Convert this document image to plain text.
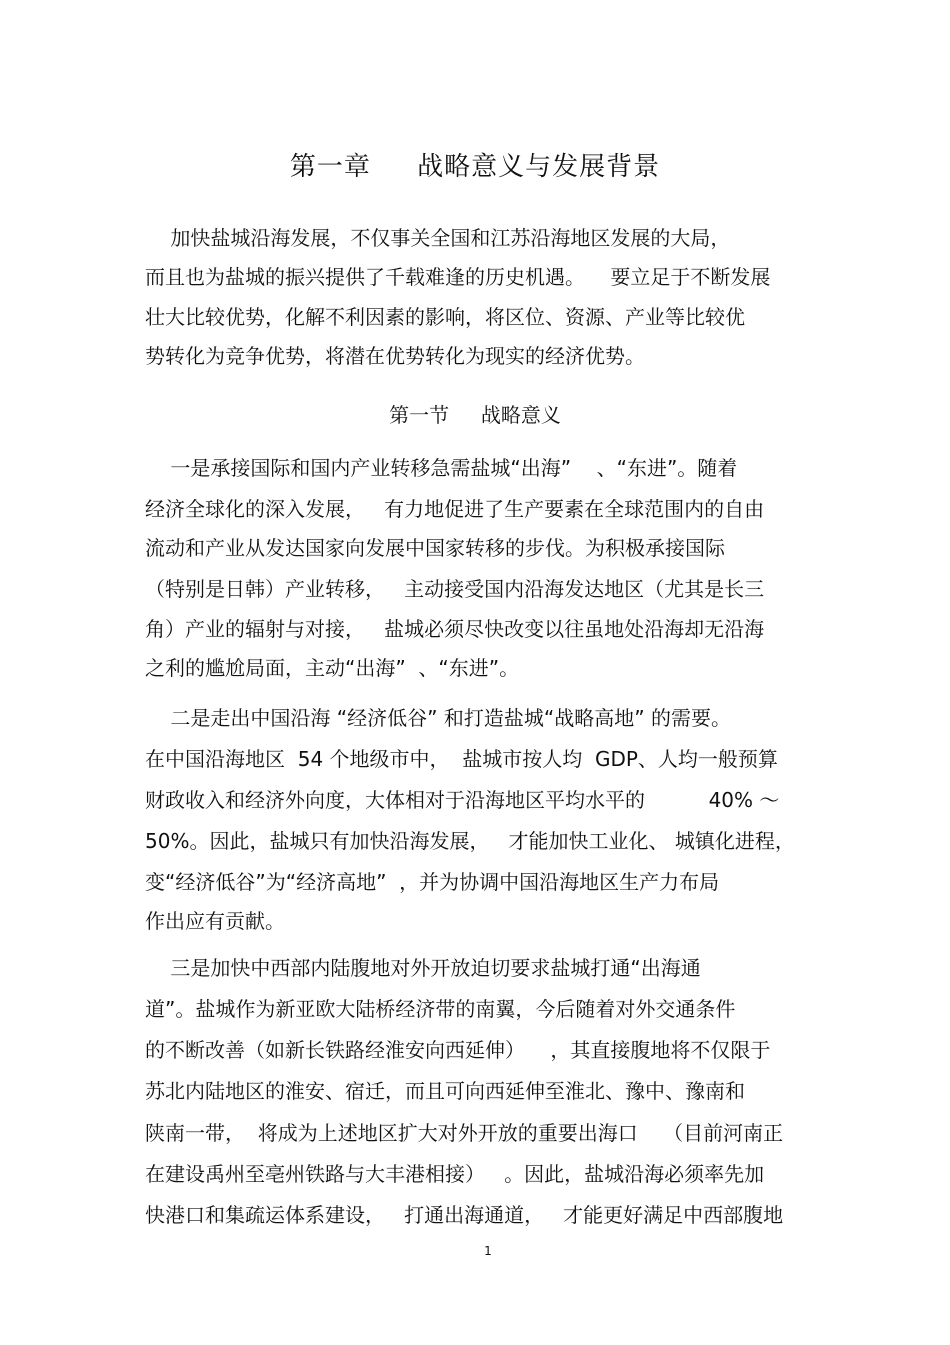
第一章     战略意义与发展背景
加快盐城沿海发展，不仅事关全国和江苏沿海地区发展的大局，
而且也为盐城的振兴提供了千载难逢的历史机遇。    要立足于不断发展
壮大比较优势，化解不利因素的影响，将区位、资源、产业等比较优
势转化为竞争优势，将潜在优势转化为现实的经济优势。
第一节     战略意义
一是承接国际和国内产业转移急需盐城“出海”    、“东进”。随着
经济全球化的深入发展，   有力地促进了生产要素在全球范围内的自由
流动和产业从发达国家向发展中国家转移的步伐。为积极承接国际
（特别是日韩）产业转移，   主动接受国内沿海发达地区（尤其是长三
角）产业的辐射与对接，   盐城必须尽快改变以往虽地处沿海却无沿海
之利的尴尬局面，主动“出海”  、“东进”。
二是走出中国沿海 “经济低谷” 和打造盐城“战略高地” 的需要。
在中国沿海地区  54 个地级市中，  盐城市按人均  GDP、人均一般预算
财政收入和经济外向度，大体相对于沿海地区平均水平的          40% ～
50%。因此，盐城只有加快沿海发展，   才能加快工业化、 城镇化进程，
变“经济低谷”为“经济高地”  ，并为协调中国沿海地区生产力布局
作出应有贡献。
三是加快中西部内陆腹地对外开放迫切要求盐城打通“出海通
道”。盐城作为新亚欧大陆桥经济带的南翼，今后随着对外交通条件
的不断改善（如新长铁路经淮安向西延伸）    ，其直接腹地将不仅限于
苏北内陆地区的淮安、宿迁，而且可向西延伸至淮北、豫中、豫南和
陕南一带，  将成为上述地区扩大对外开放的重要出海口    （目前河南正
在建设禹州至亳州铁路与大丰港相接）   。因此，盐城沿海必须率先加
快港口和集疏运体系建设，   打通出海通道，   才能更好满足中西部腹地
1
